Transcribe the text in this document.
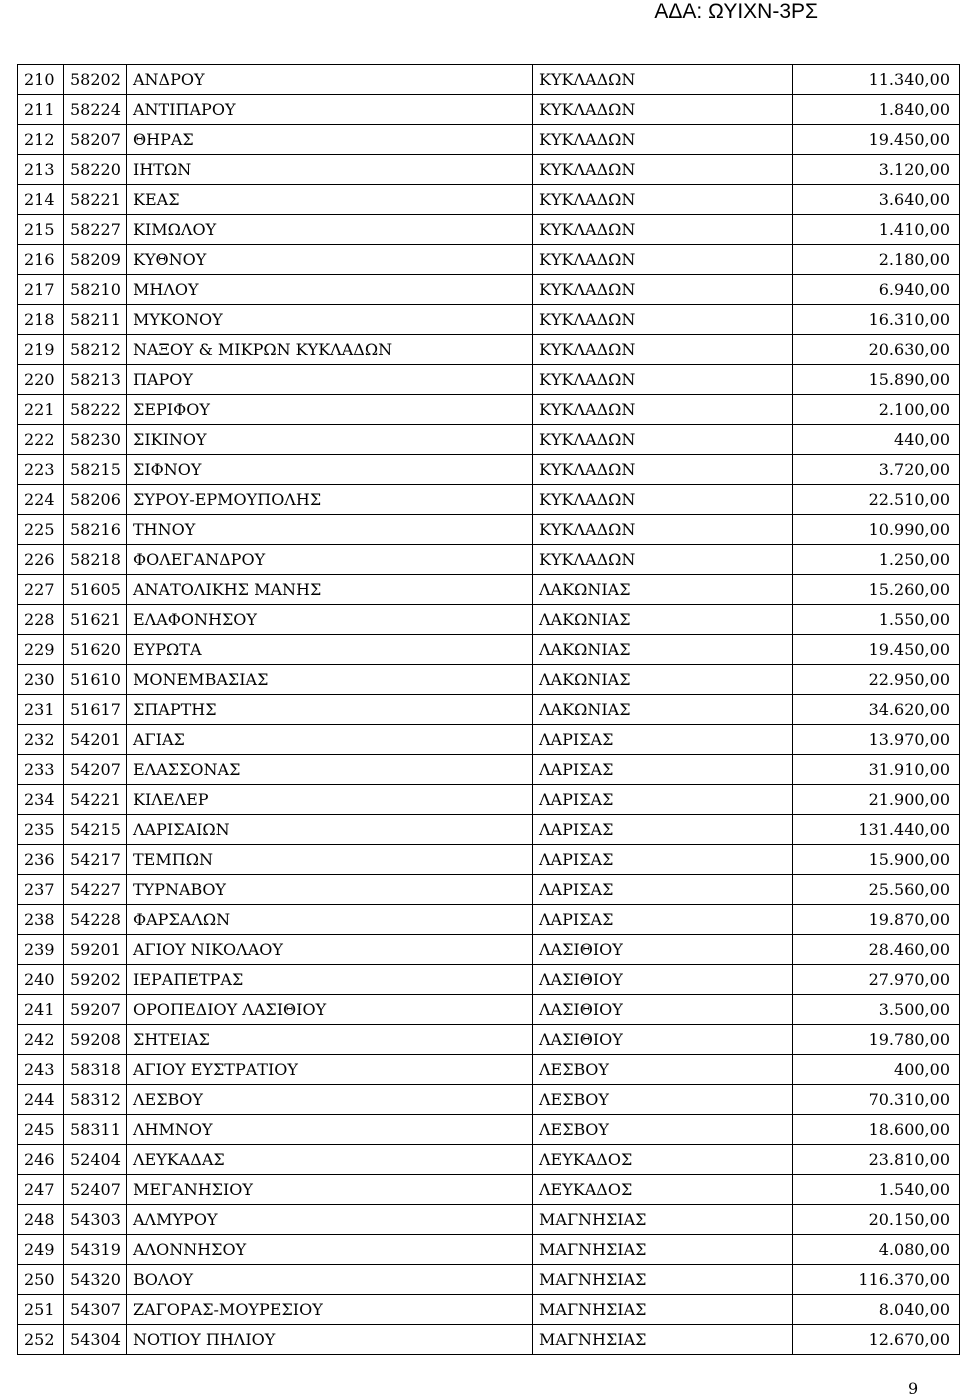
ΑΔΑ: ΩΥΙΧΝ-3ΡΣ
210	58202	ΑΝΔΡΟΥ	ΚΥΚΛΑΔΩΝ	11.340,00
211	58224	ΑΝΤΙΠΑΡΟΥ	ΚΥΚΛΑΔΩΝ	1.840,00
212	58207	ΘΗΡΑΣ	ΚΥΚΛΑΔΩΝ	19.450,00
213	58220	ΙΗΤΩΝ	ΚΥΚΛΑΔΩΝ	3.120,00
214	58221	ΚΕΑΣ	ΚΥΚΛΑΔΩΝ	3.640,00
215	58227	ΚΙΜΩΛΟΥ	ΚΥΚΛΑΔΩΝ	1.410,00
216	58209	ΚΥΘΝΟΥ	ΚΥΚΛΑΔΩΝ	2.180,00
217	58210	ΜΗΛΟΥ	ΚΥΚΛΑΔΩΝ	6.940,00
218	58211	ΜΥΚΟΝΟΥ	ΚΥΚΛΑΔΩΝ	16.310,00
219	58212	ΝΑΞΟΥ & ΜΙΚΡΩΝ ΚΥΚΛΑΔΩΝ	ΚΥΚΛΑΔΩΝ	20.630,00
220	58213	ΠΑΡΟΥ	ΚΥΚΛΑΔΩΝ	15.890,00
221	58222	ΣΕΡΙΦΟΥ	ΚΥΚΛΑΔΩΝ	2.100,00
222	58230	ΣΙΚΙΝΟΥ	ΚΥΚΛΑΔΩΝ	440,00
223	58215	ΣΙΦΝΟΥ	ΚΥΚΛΑΔΩΝ	3.720,00
224	58206	ΣΥΡΟΥ-ΕΡΜΟΥΠΟΛΗΣ	ΚΥΚΛΑΔΩΝ	22.510,00
225	58216	ΤΗΝΟΥ	ΚΥΚΛΑΔΩΝ	10.990,00
226	58218	ΦΟΛΕΓΑΝΔΡΟΥ	ΚΥΚΛΑΔΩΝ	1.250,00
227	51605	ΑΝΑΤΟΛΙΚΗΣ ΜΑΝΗΣ	ΛΑΚΩΝΙΑΣ	15.260,00
228	51621	ΕΛΑΦΟΝΗΣΟΥ	ΛΑΚΩΝΙΑΣ	1.550,00
229	51620	ΕΥΡΩΤΑ	ΛΑΚΩΝΙΑΣ	19.450,00
230	51610	ΜΟΝΕΜΒΑΣΙΑΣ	ΛΑΚΩΝΙΑΣ	22.950,00
231	51617	ΣΠΑΡΤΗΣ	ΛΑΚΩΝΙΑΣ	34.620,00
232	54201	ΑΓΙΑΣ	ΛΑΡΙΣΑΣ	13.970,00
233	54207	ΕΛΑΣΣΟΝΑΣ	ΛΑΡΙΣΑΣ	31.910,00
234	54221	ΚΙΛΕΛΕΡ	ΛΑΡΙΣΑΣ	21.900,00
235	54215	ΛΑΡΙΣΑΙΩΝ	ΛΑΡΙΣΑΣ	131.440,00
236	54217	ΤΕΜΠΩΝ	ΛΑΡΙΣΑΣ	15.900,00
237	54227	ΤΥΡΝΑΒΟΥ	ΛΑΡΙΣΑΣ	25.560,00
238	54228	ΦΑΡΣΑΛΩΝ	ΛΑΡΙΣΑΣ	19.870,00
239	59201	ΑΓΙΟΥ ΝΙΚΟΛΑΟΥ	ΛΑΣΙΘΙΟΥ	28.460,00
240	59202	ΙΕΡΑΠΕΤΡΑΣ	ΛΑΣΙΘΙΟΥ	27.970,00
241	59207	ΟΡΟΠΕΔΙΟΥ ΛΑΣΙΘΙΟΥ	ΛΑΣΙΘΙΟΥ	3.500,00
242	59208	ΣΗΤΕΙΑΣ	ΛΑΣΙΘΙΟΥ	19.780,00
243	58318	ΑΓΙΟΥ ΕΥΣΤΡΑΤΙΟΥ	ΛΕΣΒΟΥ	400,00
244	58312	ΛΕΣΒΟΥ	ΛΕΣΒΟΥ	70.310,00
245	58311	ΛΗΜΝΟΥ	ΛΕΣΒΟΥ	18.600,00
246	52404	ΛΕΥΚΑΔΑΣ	ΛΕΥΚΑΔΟΣ	23.810,00
247	52407	ΜΕΓΑΝΗΣΙΟΥ	ΛΕΥΚΑΔΟΣ	1.540,00
248	54303	ΑΛΜΥΡΟΥ	ΜΑΓΝΗΣΙΑΣ	20.150,00
249	54319	ΑΛΟΝΝΗΣΟΥ	ΜΑΓΝΗΣΙΑΣ	4.080,00
250	54320	ΒΟΛΟΥ	ΜΑΓΝΗΣΙΑΣ	116.370,00
251	54307	ΖΑΓΟΡΑΣ-ΜΟΥΡΕΣΙΟΥ	ΜΑΓΝΗΣΙΑΣ	8.040,00
252	54304	ΝΟΤΙΟΥ ΠΗΛΙΟΥ	ΜΑΓΝΗΣΙΑΣ	12.670,00
9
